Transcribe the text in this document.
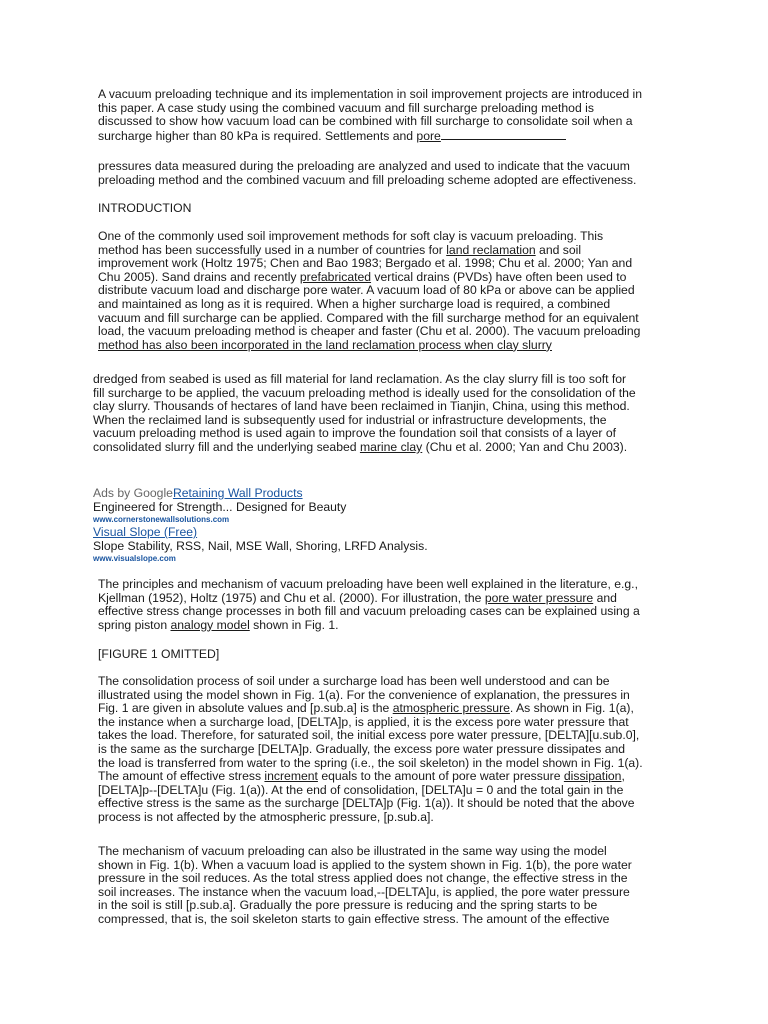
A vacuum preloading technique and its implementation in soil improvement projects are introduced in
this paper. A case study using the combined vacuum and fill surcharge preloading method is
discussed to show how vacuum load can be combined with fill surcharge to consolidate soil when a
surcharge higher than 80 kPa is required. Settlements and pore
pressures data measured during the preloading are analyzed and used to indicate that the vacuum
preloading method and the combined vacuum and fill preloading scheme adopted are effectiveness.
INTRODUCTION
One of the commonly used soil improvement methods for soft clay is vacuum preloading. This
method has been successfully used in a number of countries for land reclamation and soil
improvement work (Holtz 1975; Chen and Bao 1983; Bergado et al. 1998; Chu et al. 2000; Yan and
Chu 2005). Sand drains and recently prefabricated vertical drains (PVDs) have often been used to
distribute vacuum load and discharge pore water. A vacuum load of 80 kPa or above can be applied
and maintained as long as it is required. When a higher surcharge load is required, a combined
vacuum and fill surcharge can be applied. Compared with the fill surcharge method for an equivalent
load, the vacuum preloading method is cheaper and faster (Chu et al. 2000). The vacuum preloading
method has also been incorporated in the land reclamation process when clay slurry
dredged from seabed is used as fill material for land reclamation. As the clay slurry fill is too soft for
fill surcharge to be applied, the vacuum preloading method is ideally used for the consolidation of the
clay slurry. Thousands of hectares of land have been reclaimed in Tianjin, China, using this method.
When the reclaimed land is subsequently used for industrial or infrastructure developments, the
vacuum preloading method is used again to improve the foundation soil that consists of a layer of
consolidated slurry fill and the underlying seabed marine clay (Chu et al. 2000; Yan and Chu 2003).
Ads by GoogleRetaining Wall Products
Engineered for Strength... Designed for Beauty
www.cornerstonewallsolutions.com
Visual Slope (Free)
Slope Stability, RSS, Nail, MSE Wall, Shoring, LRFD Analysis.
www.visualslope.com
The principles and mechanism of vacuum preloading have been well explained in the literature, e.g.,
Kjellman (1952), Holtz (1975) and Chu et al. (2000). For illustration, the pore water pressure and
effective stress change processes in both fill and vacuum preloading cases can be explained using a
spring piston analogy model shown in Fig. 1.
[FIGURE 1 OMITTED]
The consolidation process of soil under a surcharge load has been well understood and can be
illustrated using the model shown in Fig. 1(a). For the convenience of explanation, the pressures in
Fig. 1 are given in absolute values and [p.sub.a] is the atmospheric pressure. As shown in Fig. 1(a),
the instance when a surcharge load, [DELTA]p, is applied, it is the excess pore water pressure that
takes the load. Therefore, for saturated soil, the initial excess pore water pressure, [DELTA][u.sub.0],
is the same as the surcharge [DELTA]p. Gradually, the excess pore water pressure dissipates and
the load is transferred from water to the spring (i.e., the soil skeleton) in the model shown in Fig. 1(a).
The amount of effective stress increment equals to the amount of pore water pressure dissipation,
[DELTA]p--[DELTA]u (Fig. 1(a)). At the end of consolidation, [DELTA]u = 0 and the total gain in the
effective stress is the same as the surcharge [DELTA]p (Fig. 1(a)). It should be noted that the above
process is not affected by the atmospheric pressure, [p.sub.a].
The mechanism of vacuum preloading can also be illustrated in the same way using the model
shown in Fig. 1(b). When a vacuum load is applied to the system shown in Fig. 1(b), the pore water
pressure in the soil reduces. As the total stress applied does not change, the effective stress in the
soil increases. The instance when the vacuum load,--[DELTA]u, is applied, the pore water pressure
in the soil is still [p.sub.a]. Gradually the pore pressure is reducing and the spring starts to be
compressed, that is, the soil skeleton starts to gain effective stress. The amount of the effective
